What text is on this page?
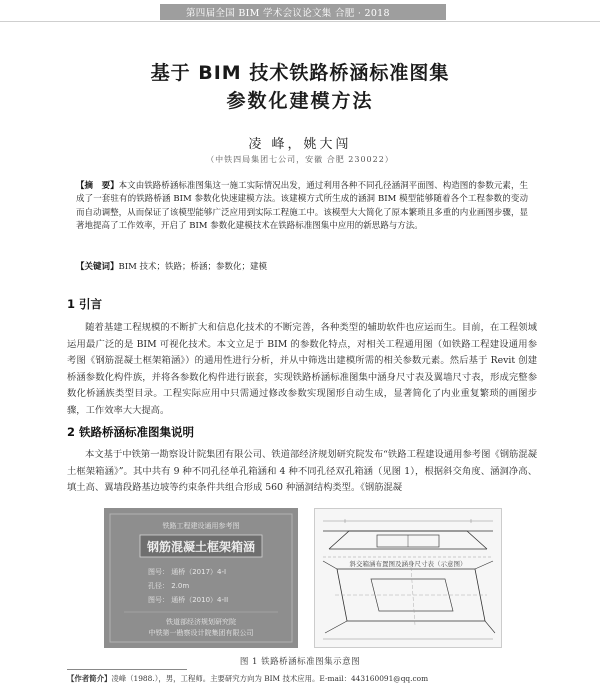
第四届全国 BIM 学术会议论文集 合肥 · 2018
基于 BIM 技术铁路桥涵标准图集
参数化建模方法
凌 峰，姚大闯
（中铁四局集团七公司，安徽 合肥 230022）
【摘　要】本文由铁路桥涵标准图集这一施工实际情况出发，通过利用各种不同孔径涵洞平面图、构造图的参数元素，生成了一套驻有的铁路桥涵 BIM 参数化快速建模方法。该建模方式所生成的涵洞 BIM 模型能够随着各个工程参数的变动而自动调整，从而保证了该模型能够广泛应用到实际工程施工中。该模型大大简化了原本繁琐且多重的内业画图步骤，显著地提高了工作效率，开启了 BIM 参数化建模技术在铁路标准图集中应用的新思路与方法。
【关键词】BIM 技术；铁路；桥涵；参数化；建模
1 引言
随着基建工程规模的不断扩大和信息化技术的不断完善，各种类型的辅助软件也应运而生。目前，在工程领域运用最广泛的是 BIM 可视化技术。本文立足于 BIM 的参数化特点，对相关工程通用图（如铁路工程建设通用参考图《钢筋混凝土框架箱涵》）的通用性进行分析，并从中筛选出建模所需的相关参数元素。然后基于 Revit 创建桥涵参数化构件族，并将各参数化构件进行嵌套，实现铁路桥涵标准图集中涵身尺寸表及翼墙尺寸表，形成完整参数化桥涵族类型目录。工程实际应用中只需通过修改参数实现图形自动生成，显著简化了内业重复繁琐的画图步骤，工作效率大大提高。
2 铁路桥涵标准图集说明
本文基于中铁第一勘察设计院集团有限公司、铁道部经济规划研究院发布“铁路工程建设通用参考图《钢筋混凝土框架箱涵》”。其中共有 9 种不同孔径单孔箱涵和 4 种不同孔径双孔箱涵（见图 1），根据斜交角度、涵洞净高、填土高、翼墙段路基边坡等约束条件共组合形成 560 种涵洞结构类型。《钢筋混凝
铁路工程建设通用参考图
钢筋混凝土框架箱涵
图号： 通桥（2017）4-I
孔径： 2.0m
图号： 通桥（2010）4-II
铁道部经济规划研究院
中铁第一勘察设计院集团有限公司
斜交箱涵布置图及涵身尺寸表（示意图）
图 1 铁路桥涵标准图集示意图
【作者简介】凌峰（1988.），男，工程师。主要研究方向为 BIM 技术应用。E-mail：443160091@qq.com
